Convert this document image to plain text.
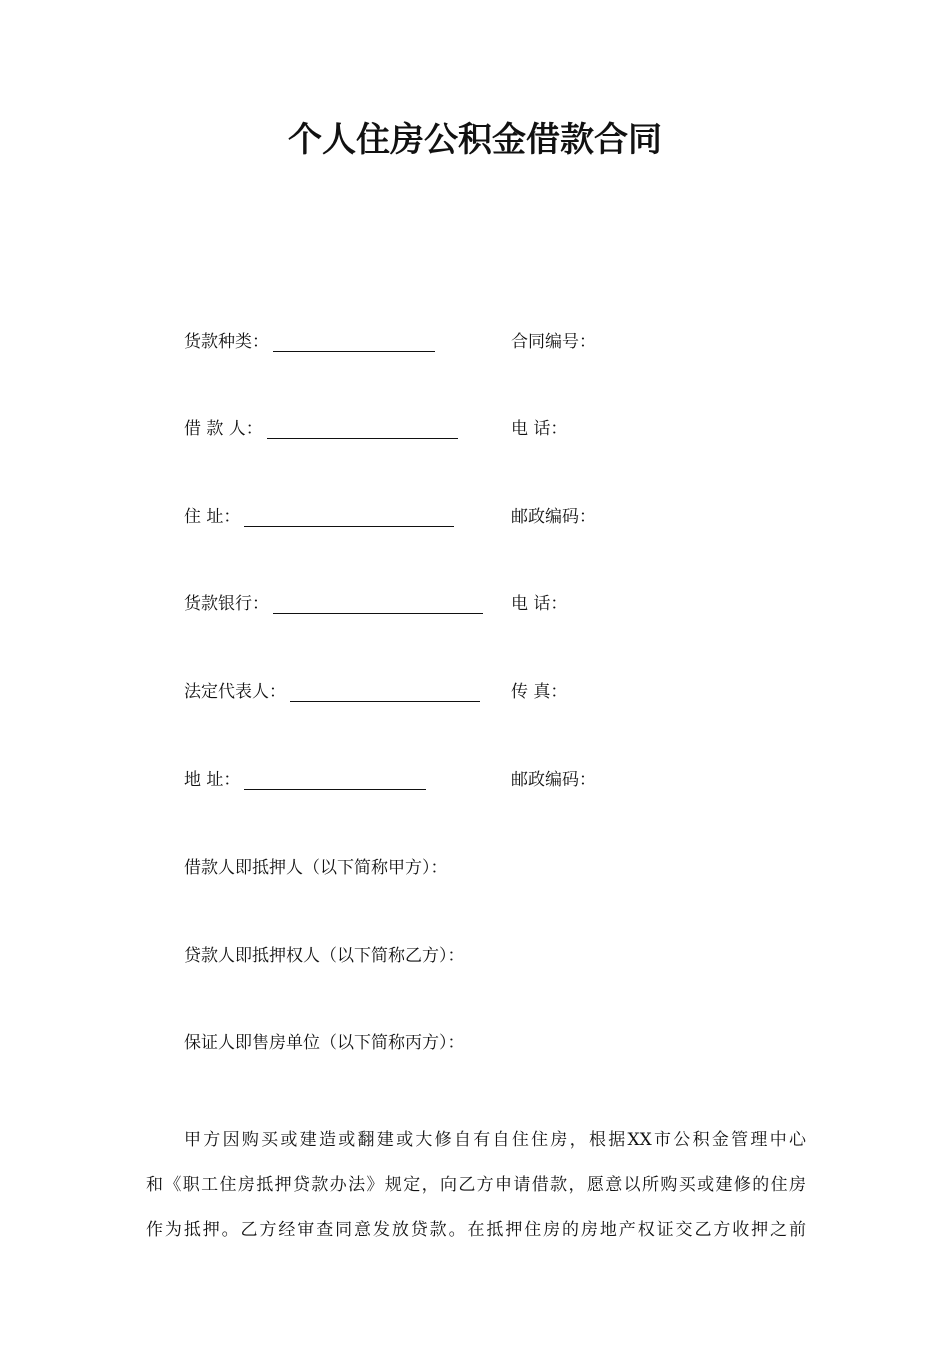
个人住房公积金借款合同
货款种类：	合同编号：
借 款 人：	电 话：
住 址：	邮政编码：
货款银行：	电 话：
法定代表人：	传 真：
地 址：	邮政编码：
借款人即抵押人（以下简称甲方）：
贷款人即抵押权人（以下简称乙方）：
保证人即售房单位（以下简称丙方）：
甲方因购买或建造或翻建或大修自有自住住房，根据XX市公积金管理中心
和《职工住房抵押贷款办法》规定，向乙方申请借款，愿意以所购买或建修的住房
作为抵押。乙方经审查同意发放贷款。在抵押住房的房地产权证交乙方收押之前
